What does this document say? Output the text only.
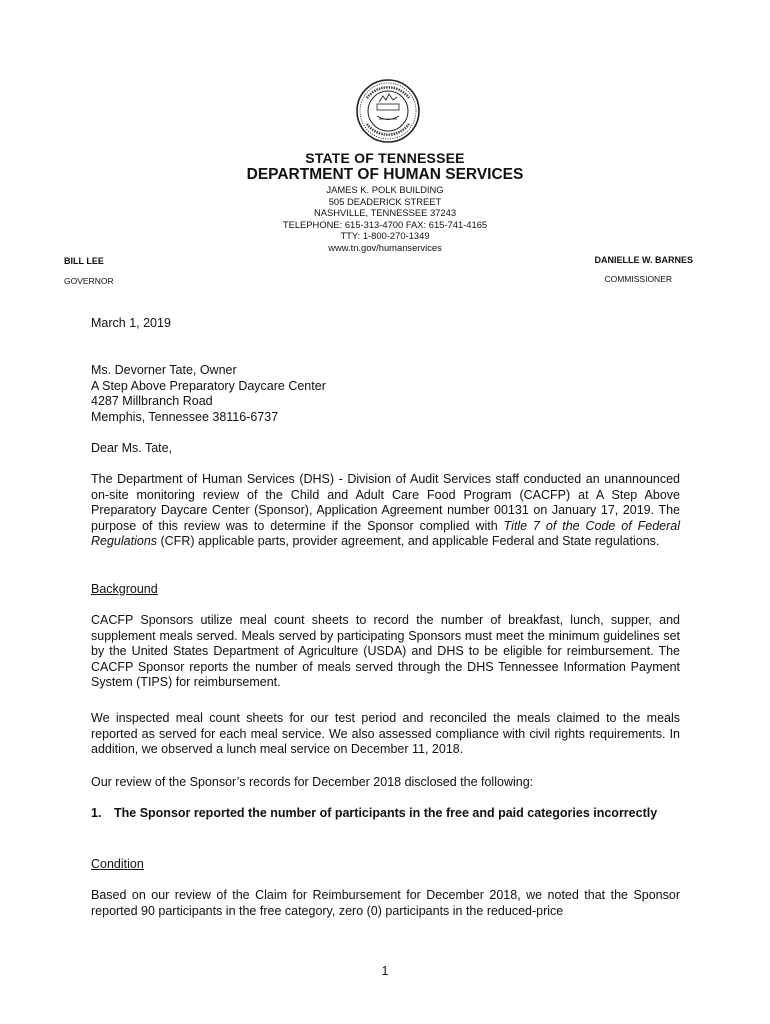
STATE OF TENNESSEE
DEPARTMENT OF HUMAN SERVICES
JAMES K. POLK BUILDING
505 DEADERICK STREET
NASHVILLE, TENNESSEE 37243
TELEPHONE: 615-313-4700 FAX: 615-741-4165
TTY: 1-800-270-1349
www.tn.gov/humanservices
BILL LEE
GOVERNOR
DANIELLE W. BARNES
COMMISSIONER
March 1, 2019
Ms. Devorner Tate, Owner
A Step Above Preparatory Daycare Center
4287 Millbranch Road
Memphis, Tennessee 38116-6737
Dear Ms. Tate,
The Department of Human Services (DHS) - Division of Audit Services staff conducted an unannounced on-site monitoring review of the Child and Adult Care Food Program (CACFP) at A Step Above Preparatory Daycare Center (Sponsor), Application Agreement number 00131 on January 17, 2019. The purpose of this review was to determine if the Sponsor complied with Title 7 of the Code of Federal Regulations (CFR) applicable parts, provider agreement, and applicable Federal and State regulations.
Background
CACFP Sponsors utilize meal count sheets to record the number of breakfast, lunch, supper, and supplement meals served. Meals served by participating Sponsors must meet the minimum guidelines set by the United States Department of Agriculture (USDA) and DHS to be eligible for reimbursement. The CACFP Sponsor reports the number of meals served through the DHS Tennessee Information Payment System (TIPS) for reimbursement.
We inspected meal count sheets for our test period and reconciled the meals claimed to the meals reported as served for each meal service. We also assessed compliance with civil rights requirements. In addition, we observed a lunch meal service on December 11, 2018.
Our review of the Sponsor’s records for December 2018 disclosed the following:
1.	The Sponsor reported the number of participants in the free and paid categories incorrectly
Condition
Based on our review of the Claim for Reimbursement for December 2018, we noted that the Sponsor reported 90 participants in the free category, zero (0) participants in the reduced-price
1
